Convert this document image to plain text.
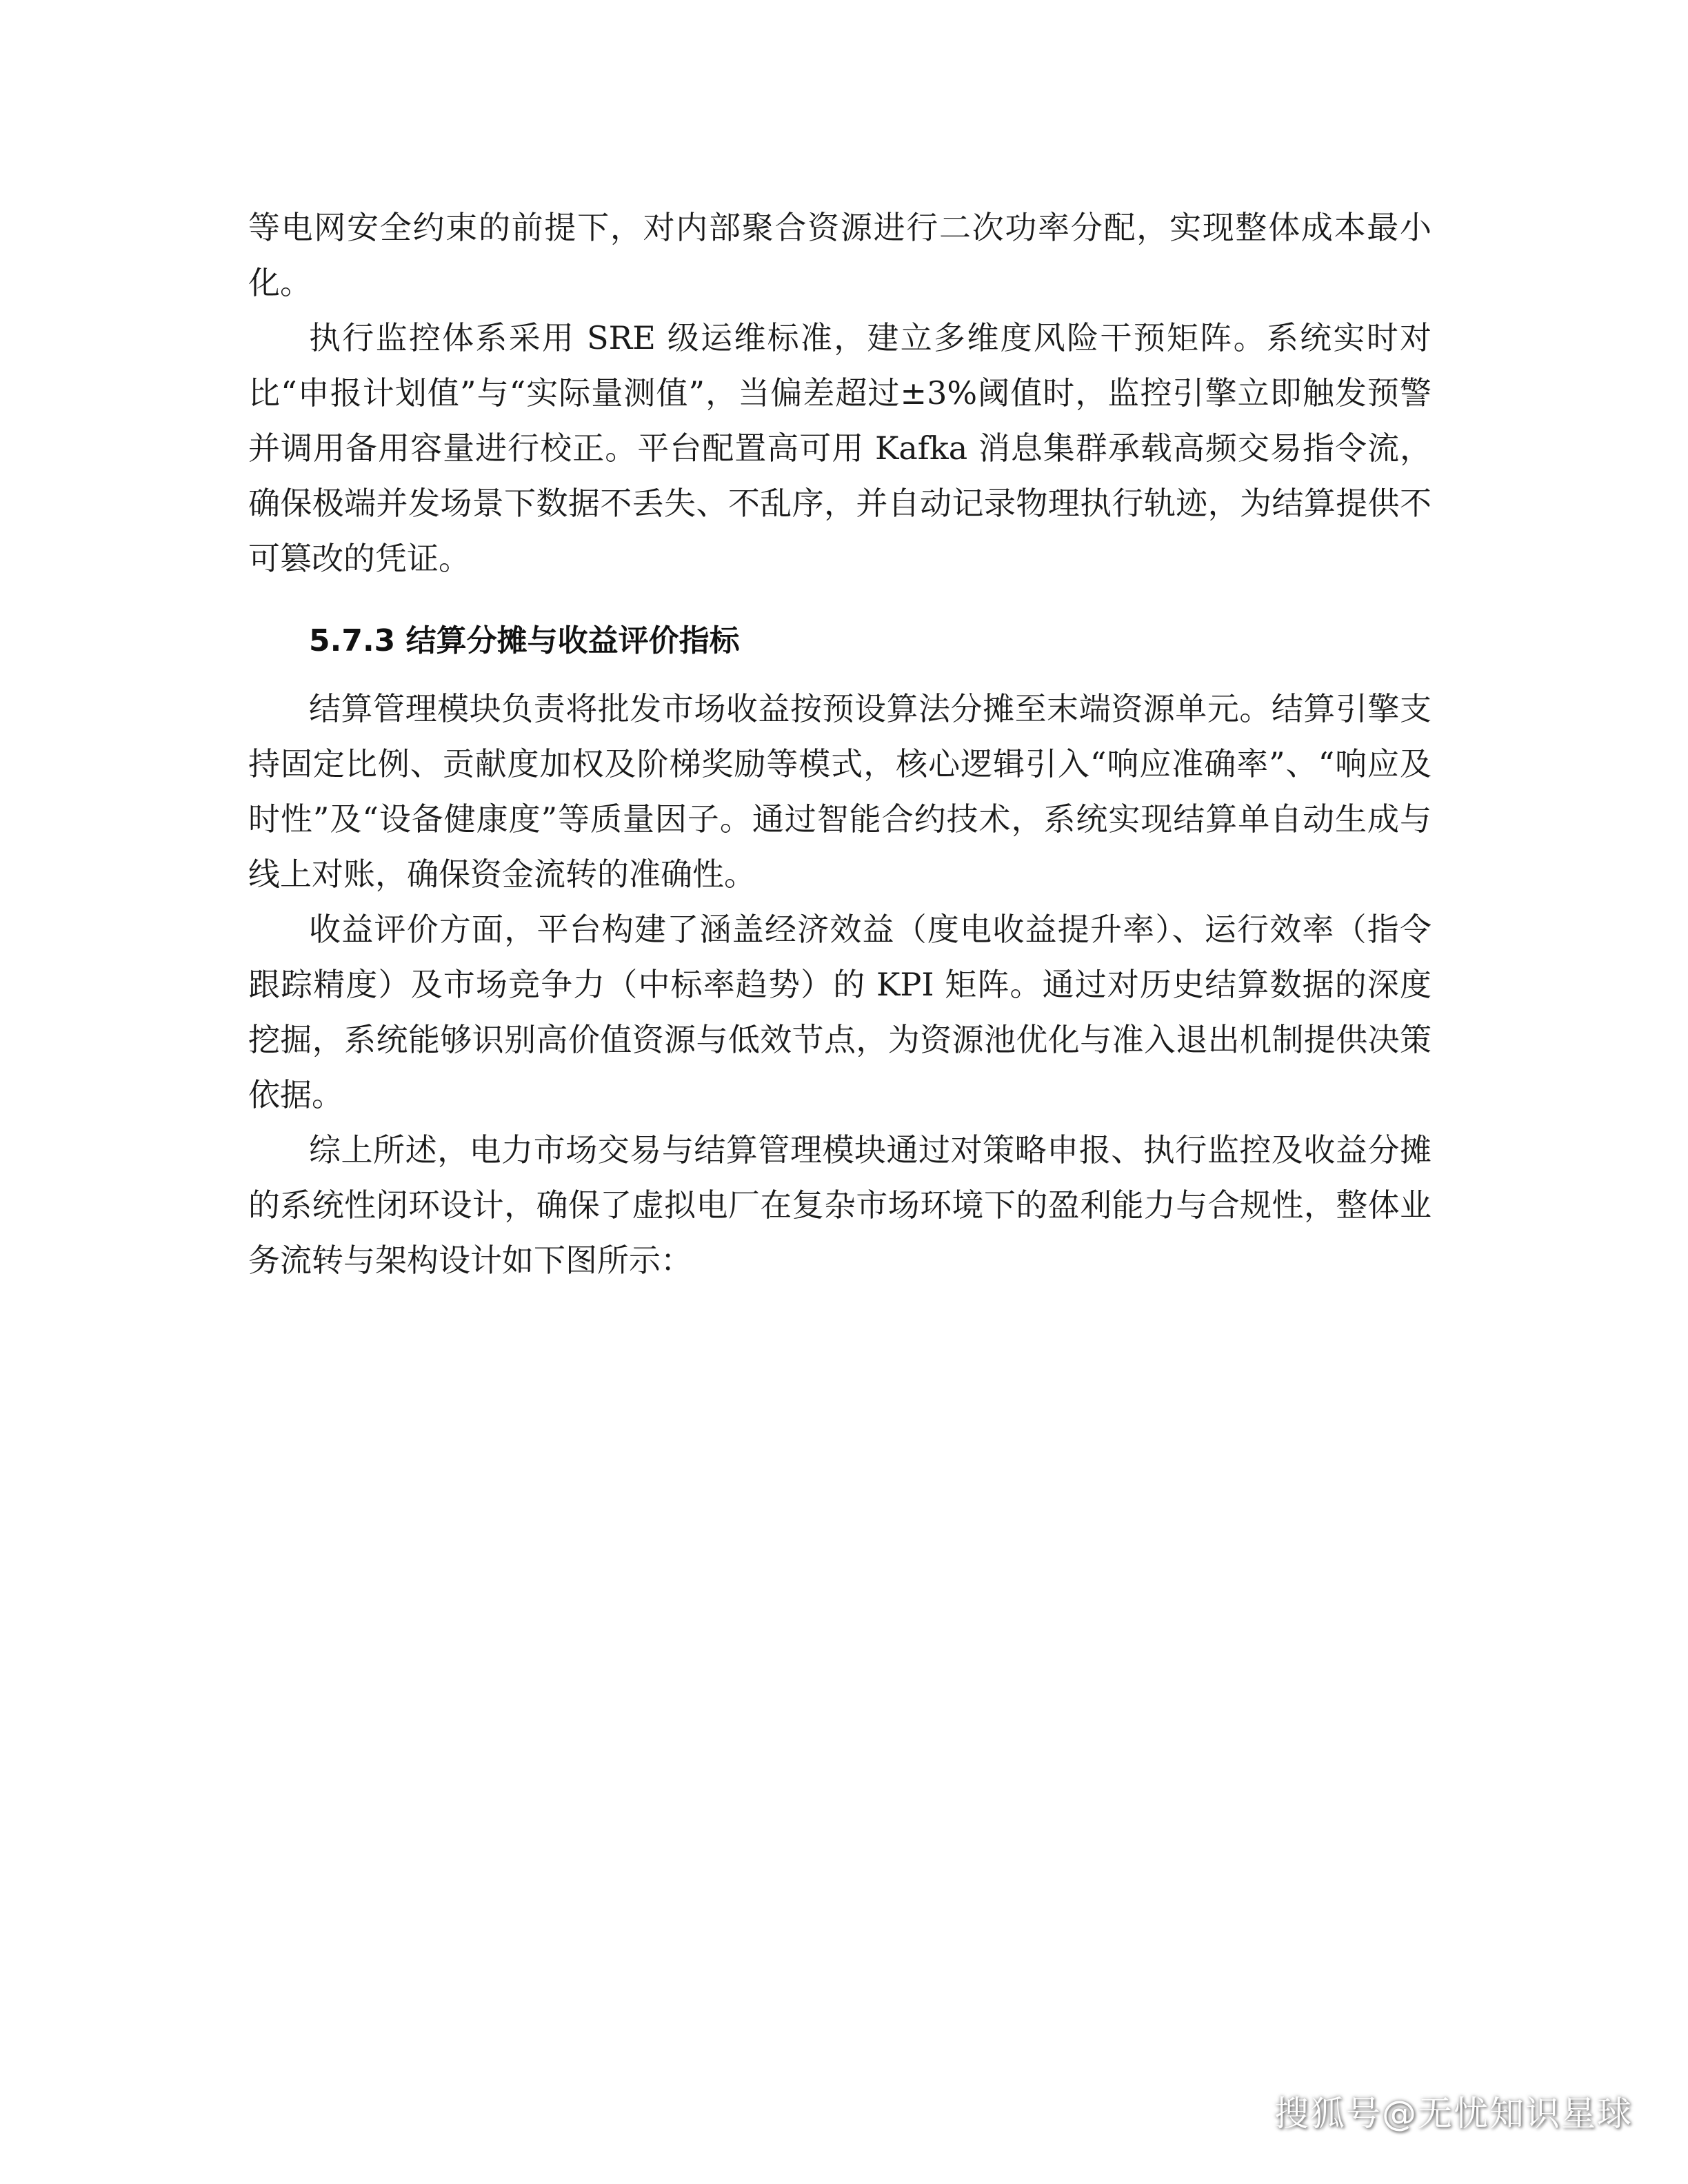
等电网安全约束的前提下，对内部聚合资源进行二次功率分配，实现整体成本最小化。

执行监控体系采用 SRE 级运维标准，建立多维度风险干预矩阵。系统实时对比“申报计划值”与“实际量测值”，当偏差超过±3%阈值时，监控引擎立即触发预警并调用备用容量进行校正。平台配置高可用 Kafka 消息集群承载高频交易指令流，确保极端并发场景下数据不丢失、不乱序，并自动记录物理执行轨迹，为结算提供不可篡改的凭证。

5.7.3 结算分摊与收益评价指标

结算管理模块负责将批发市场收益按预设算法分摊至末端资源单元。结算引擎支持固定比例、贡献度加权及阶梯奖励等模式，核心逻辑引入“响应准确率”、“响应及时性”及“设备健康度”等质量因子。通过智能合约技术，系统实现结算单自动生成与线上对账，确保资金流转的准确性。

收益评价方面，平台构建了涵盖经济效益（度电收益提升率）、运行效率（指令跟踪精度）及市场竞争力（中标率趋势）的 KPI 矩阵。通过对历史结算数据的深度挖掘，系统能够识别高价值资源与低效节点，为资源池优化与准入退出机制提供决策依据。

综上所述，电力市场交易与结算管理模块通过对策略申报、执行监控及收益分摊的系统性闭环设计，确保了虚拟电厂在复杂市场环境下的盈利能力与合规性，整体业务流转与架构设计如下图所示：

搜狐号@无忧知识星球
